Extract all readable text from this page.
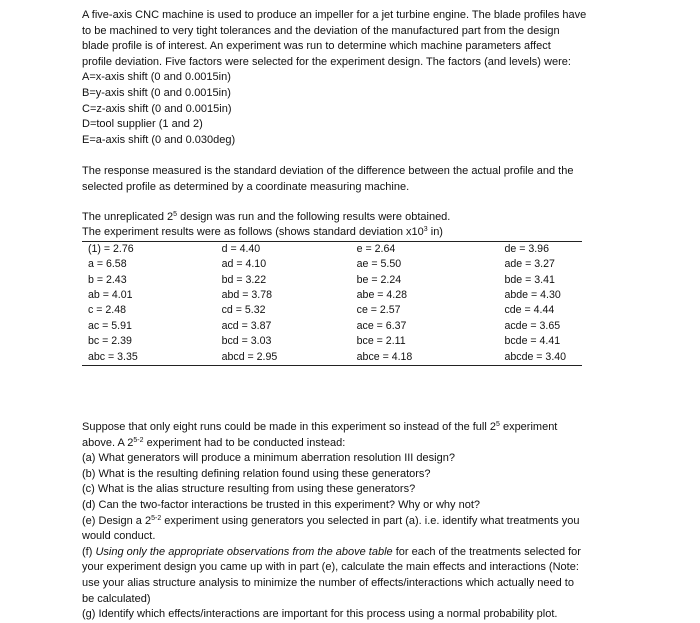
A five-axis CNC machine is used to produce an impeller for a jet turbine engine. The blade profiles have
to be machined to very tight tolerances and the deviation of the manufactured part from the design
blade profile is of interest. An experiment was run to determine which machine parameters affect
profile deviation. Five factors were selected for the experiment design. The factors (and levels) were:
A=x-axis shift (0 and 0.0015in)
B=y-axis shift (0 and 0.0015in)
C=z-axis shift (0 and 0.0015in)
D=tool supplier (1 and 2)
E=a-axis shift (0 and 0.030deg)
The response measured is the standard deviation of the difference between the actual profile and the
selected profile as determined by a coordinate measuring machine.
The unreplicated $2^5$ design was run and the following results were obtained.
The experiment results were as follows (shows standard deviation $x10^3$ in)
(1) = 2.76	d = 4.40	e = 2.64	de = 3.96
a = 6.58	ad = 4.10	ae = 5.50	ade = 3.27
b = 2.43	bd = 3.22	be = 2.24	bde = 3.41
ab = 4.01	abd = 3.78	abe = 4.28	abde = 4.30
c = 2.48	cd = 5.32	ce = 2.57	cde = 4.44
ac = 5.91	acd = 3.87	ace = 6.37	acde = 3.65
bc = 2.39	bcd = 3.03	bce = 2.11	bcde = 4.41
abc = 3.35	abcd = 2.95	abce = 4.18	abcde = 3.40
Suppose that only eight runs could be made in this experiment so instead of the full $2^5$ experiment
above. A 2$^{5-2}$ experiment had to be conducted instead:
(a) What generators will produce a minimum aberration resolution III design?
(b) What is the resulting defining relation found using these generators?
(c) What is the alias structure resulting from using these generators?
(d) Can the two-factor interactions be trusted in this experiment? Why or why not?
(e) Design a 2$^{5-2}$ experiment using generators you selected in part (a). i.e. identify what treatments you
would conduct.
(f) Using only the appropriate observations from the above table for each of the treatments selected for
your experiment design you came up with in part (e), calculate the main effects and interactions (Note:
use your alias structure analysis to minimize the number of effects/interactions which actually need to
be calculated)
(g) Identify which effects/interactions are important for this process using a normal probability plot.
